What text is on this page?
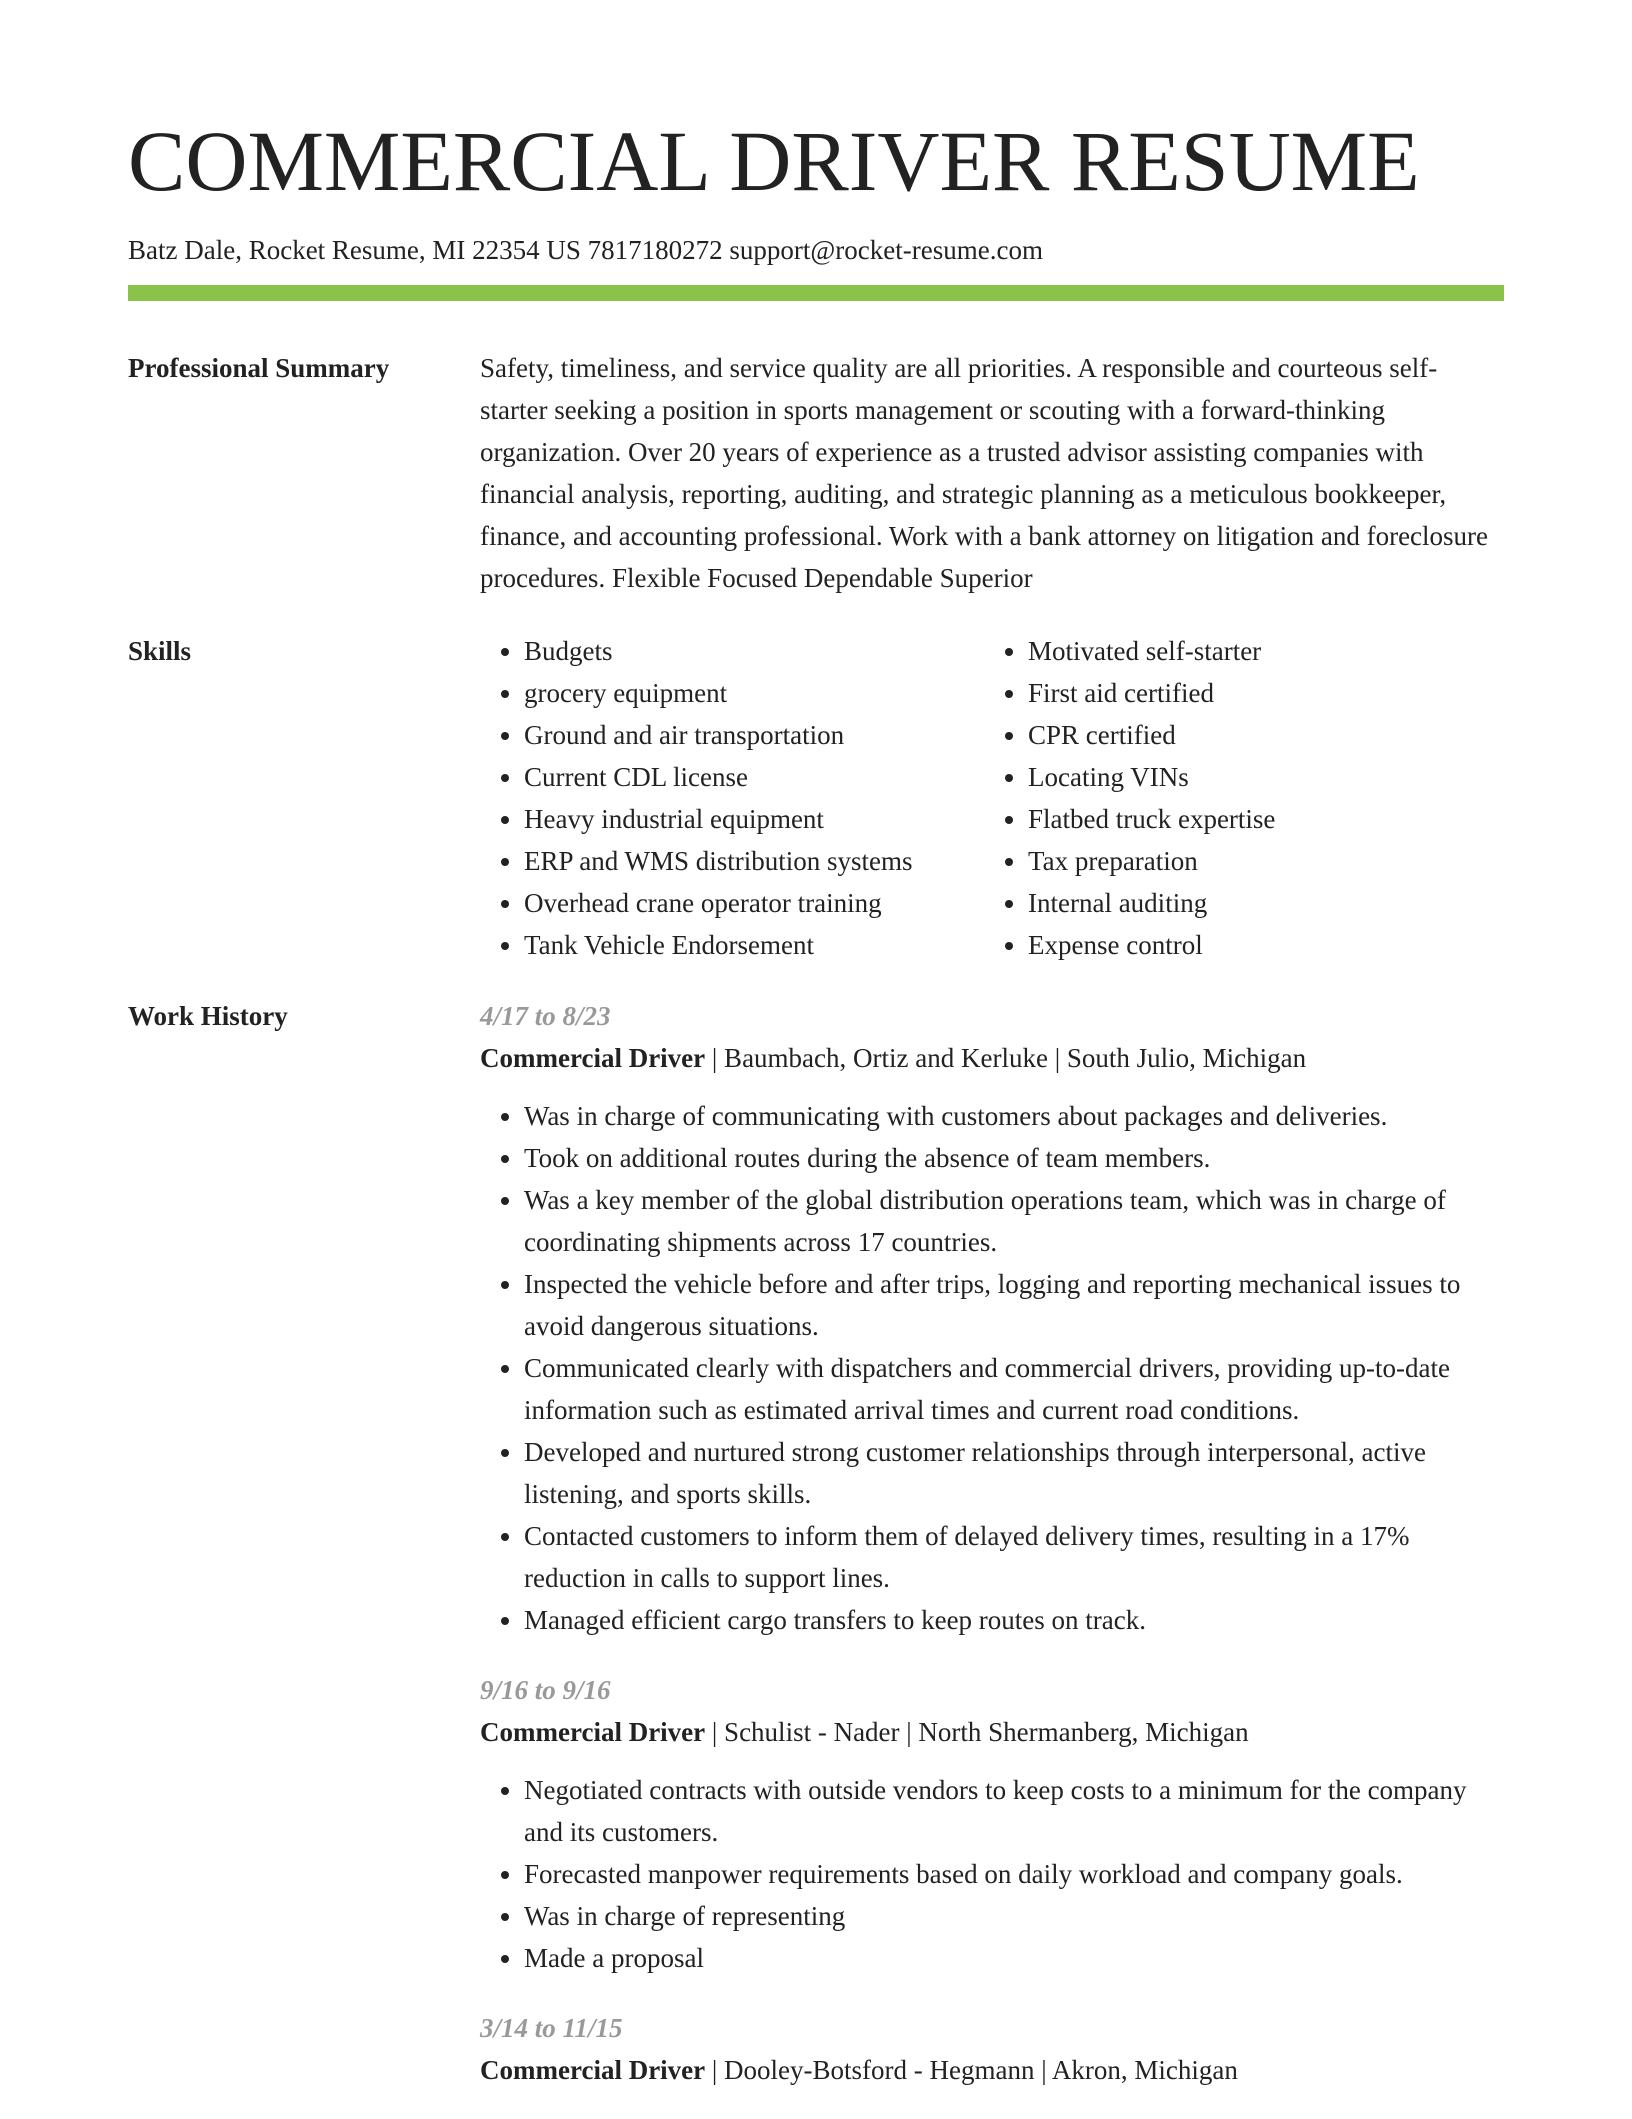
COMMERCIAL DRIVER RESUME
Batz Dale, Rocket Resume, MI 22354 US 7817180272 support@rocket-resume.com
Professional Summary	Safety, timeliness, and service quality are all priorities. A responsible and courteous self-starter seeking a position in sports management or scouting with a forward-thinking organization. Over 20 years of experience as a trusted advisor assisting companies with financial analysis, reporting, auditing, and strategic planning as a meticulous bookkeeper, finance, and accounting professional. Work with a bank attorney on litigation and foreclosure procedures. Flexible Focused Dependable Superior

Skills
•	Budgets
• grocery equipment
• Ground and air transportation
• Current CDL license
• Heavy industrial equipment
• ERP and WMS distribution systems
• Overhead crane operator training
• Tank Vehicle Endorsement
• Motivated self-starter
• First aid certified
• CPR certified
• Locating VINs
• Flatbed truck expertise
• Tax preparation
• Internal auditing
• Expense control
Work History	4/17 to 8/23
Commercial Driver | Baumbach, Ortiz and Kerluke | South Julio, Michigan
• Was in charge of communicating with customers about packages and deliveries.
• Took on additional routes during the absence of team members.
• Was a key member of the global distribution operations team, which was in charge of coordinating shipments across 17 countries.
• Inspected the vehicle before and after trips, logging and reporting mechanical issues to avoid dangerous situations.
• Communicated clearly with dispatchers and commercial drivers, providing up-to-date information such as estimated arrival times and current road conditions.
• Developed and nurtured strong customer relationships through interpersonal, active listening, and sports skills.
• Contacted customers to inform them of delayed delivery times, resulting in a 17% reduction in calls to support lines.
• Managed efficient cargo transfers to keep routes on track.
9/16 to 9/16
Commercial Driver | Schulist - Nader | North Shermanberg, Michigan
• Negotiated contracts with outside vendors to keep costs to a minimum for the company and its customers.
• Forecasted manpower requirements based on daily workload and company goals.
• Was in charge of representing
• Made a proposal
3/14 to 11/15
Commercial Driver | Dooley-Botsford - Hegmann | Akron, Michigan
